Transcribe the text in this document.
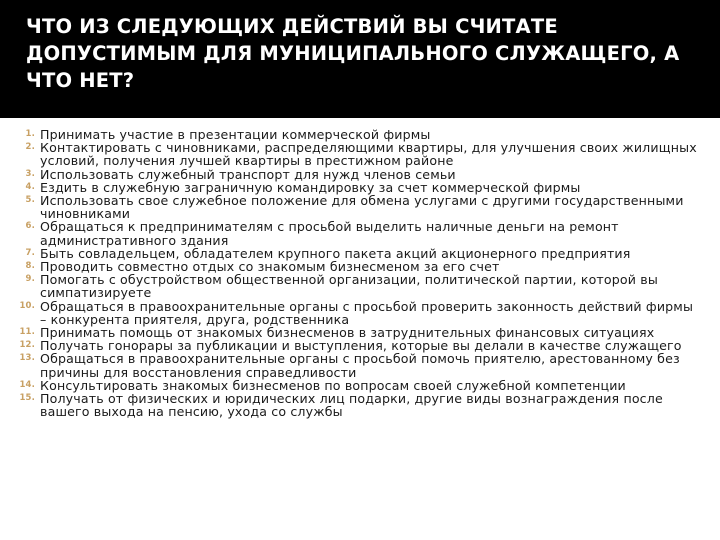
ЧТО ИЗ СЛЕДУЮЩИХ ДЕЙСТВИЙ ВЫ СЧИТАТЕ ДОПУСТИМЫМ ДЛЯ МУНИЦИПАЛЬНОГО СЛУЖАЩЕГО, А ЧТО НЕТ?
1. Принимать участие в презентации коммерческой фирмы
2. Контактировать с чиновниками, распределяющими квартиры, для улучшения своих жилищных условий, получения лучшей квартиры в престижном районе
3. Использовать служебный транспорт для нужд членов семьи
4. Ездить в служебную заграничную командировку за счет коммерческой фирмы
5. Использовать свое служебное положение для обмена услугами с другими государственными чиновниками
6. Обращаться к предпринимателям с просьбой выделить наличные деньги на ремонт административного здания
7. Быть совладельцем, обладателем крупного пакета акций акционерного предприятия
8. Проводить совместно отдых со знакомым бизнесменом за его счет
9. Помогать с обустройством общественной организации, политической партии, которой вы симпатизируете
10. Обращаться в правоохранительные органы с просьбой проверить законность действий фирмы – конкурента приятеля, друга, родственника
11. Принимать помощь от знакомых бизнесменов в затруднительных финансовых ситуациях
12. Получать гонорары за публикации и выступления, которые вы делали в качестве служащего
13. Обращаться в правоохранительные органы с просьбой помочь приятелю, арестованному без причины для восстановления справедливости
14. Консультировать знакомых бизнесменов по вопросам своей служебной компетенции
15. Получать от физических и юридических лиц подарки, другие виды вознаграждения после вашего выхода на пенсию, ухода со службы
